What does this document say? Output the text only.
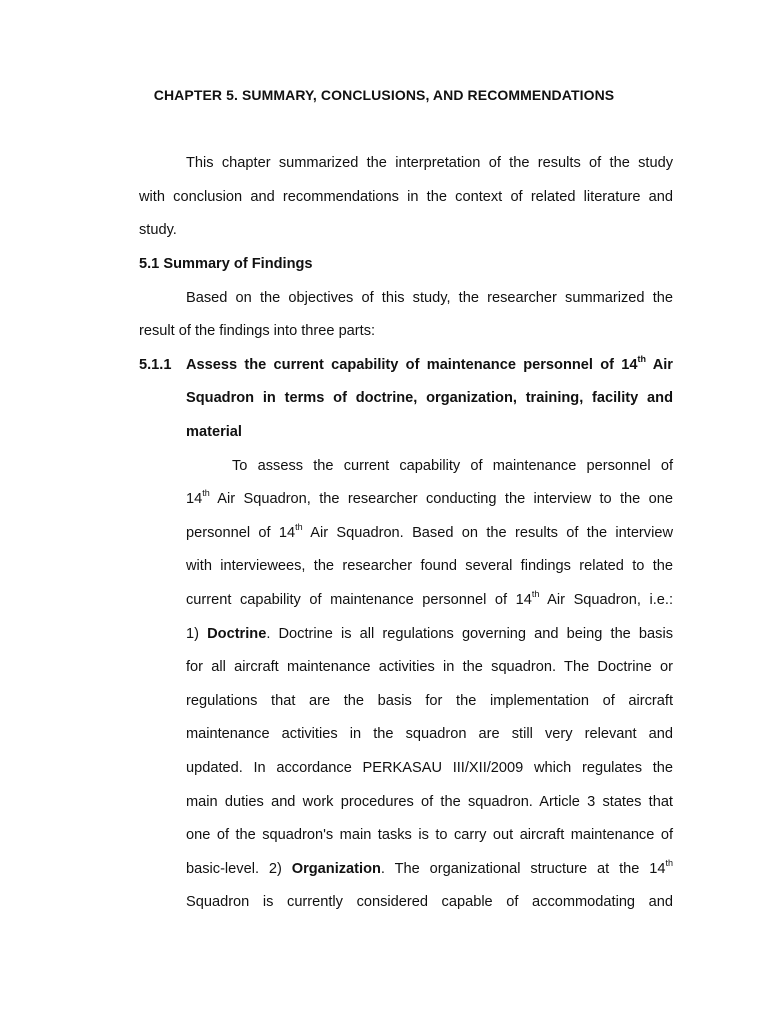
CHAPTER 5. SUMMARY, CONCLUSIONS, AND RECOMMENDATIONS
This chapter summarized the interpretation of the results of the study
with conclusion and recommendations in the context of related literature and
study.
5.1 Summary of Findings
Based on the objectives of this study, the researcher summarized the
result of the findings into three parts:
5.1.1 Assess the current capability of maintenance personnel of 14th Air
Squadron in terms of doctrine, organization, training, facility and
material
To assess the current capability of maintenance personnel of
14th Air Squadron, the researcher conducting the interview to the one
personnel of 14th Air Squadron. Based on the results of the interview
with interviewees, the researcher found several findings related to the
current capability of maintenance personnel of 14th Air Squadron, i.e.:
1) Doctrine. Doctrine is all regulations governing and being the basis
for all aircraft maintenance activities in the squadron. The Doctrine or
regulations that are the basis for the implementation of aircraft
maintenance activities in the squadron are still very relevant and
updated. In accordance PERKASAU III/XII/2009 which regulates the
main duties and work procedures of the squadron. Article 3 states that
one of the squadron's main tasks is to carry out aircraft maintenance of
basic-level. 2) Organization. The organizational structure at the 14th
Squadron is currently considered capable of accommodating and
